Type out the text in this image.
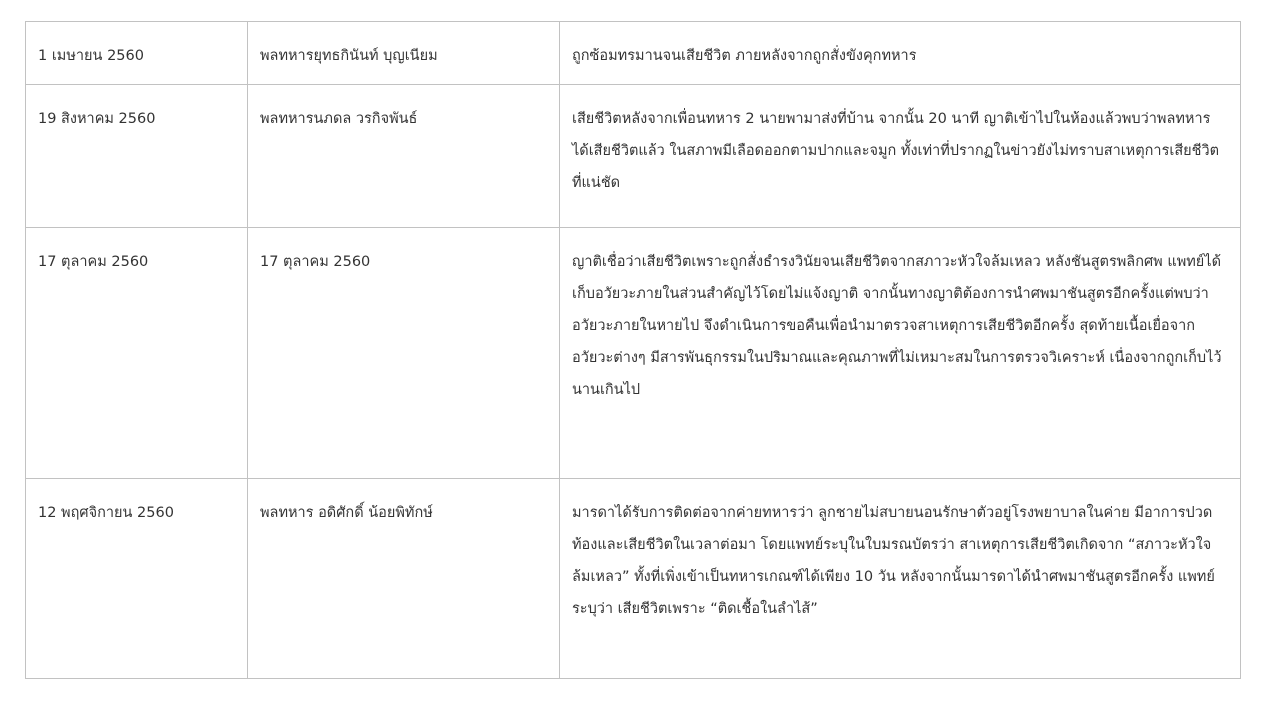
1 เมษายน 2560	พลทหารยุทธกินันท์ บุญเนียม	ถูกซ้อมทรมานจนเสียชีวิต ภายหลังจากถูกสั่งขังคุกทหาร

19 สิงหาคม 2560	พลทหารนภดล วรกิจพันธ์	เสียชีวิตหลังจากเพื่อนทหาร 2 นายพามาส่งที่บ้าน จากนั้น 20 นาที ญาติเข้าไปในห้องแล้วพบว่าพลทหารได้เสียชีวิตแล้ว ในสภาพมีเลือดออกตามปากและจมูก ทั้งเท่าที่ปรากฏในข่าวยังไม่ทราบสาเหตุการเสียชีวิตที่แน่ชัด

17 ตุลาคม 2560	17 ตุลาคม 2560	ญาติเชื่อว่าเสียชีวิตเพราะถูกสั่งธำรงวินัยจนเสียชีวิตจากสภาวะหัวใจล้มเหลว หลังชันสูตรพลิกศพ แพทย์ได้เก็บอวัยวะภายในส่วนสำคัญไว้โดยไม่แจ้งญาติ จากนั้นทางญาติต้องการนำศพมาชันสูตรอีกครั้งแต่พบว่าอวัยวะภายในหายไป จึงดำเนินการขอคืนเพื่อนำมาตรวจสาเหตุการเสียชีวิตอีกครั้ง สุดท้ายเนื้อเยื่อจากอวัยวะต่างๆ มีสารพันธุกรรมในปริมาณและคุณภาพที่ไม่เหมาะสมในการตรวจวิเคราะห์ เนื่องจากถูกเก็บไว้นานเกินไป

12 พฤศจิกายน 2560	พลทหาร อดิศักดิ์ น้อยพิทักษ์	มารดาได้รับการติดต่อจากค่ายทหารว่า ลูกชายไม่สบายนอนรักษาตัวอยู่โรงพยาบาลในค่าย มีอาการปวดท้องและเสียชีวิตในเวลาต่อมา โดยแพทย์ระบุในใบมรณบัตรว่า สาเหตุการเสียชีวิตเกิดจาก “สภาวะหัวใจล้มเหลว” ทั้งที่เพิ่งเข้าเป็นทหารเกณฑ์ได้เพียง 10 วัน หลังจากนั้นมารดาได้นำศพมาชันสูตรอีกครั้ง แพทย์ระบุว่า เสียชีวิตเพราะ “ติดเชื้อในลำไส้”
